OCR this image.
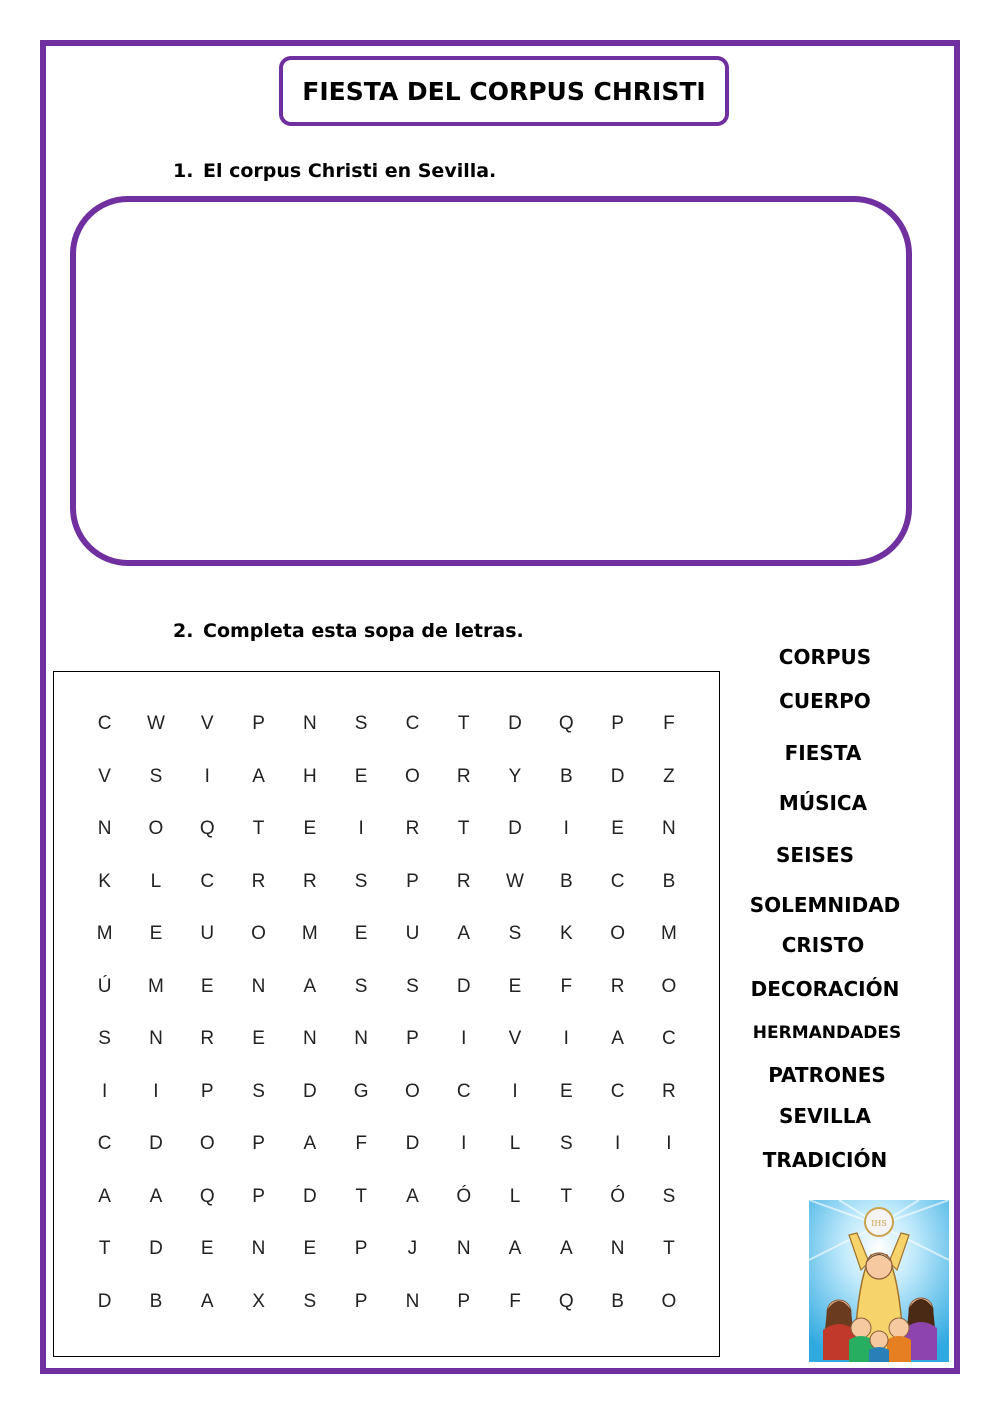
FIESTA DEL CORPUS CHRISTI
1. El corpus Christi en Sevilla.
2. Completa esta sopa de letras.
C	W	V	P	N	S	C	T	D	Q	P	F
V	S	I	A	H	E	O	R	Y	B	D	Z
N	O	Q	T	E	I	R	T	D	I	E	N
K	L	C	R	R	S	P	R	W	B	C	B
M	E	U	O	M	E	U	A	S	K	O	M
Ú	M	E	N	A	S	S	D	E	F	R	O
S	N	R	E	N	N	P	I	V	I	A	C
I	I	P	S	D	G	O	C	I	E	C	R
C	D	O	P	A	F	D	I	L	S	I	I
A	A	Q	P	D	T	A	Ó	L	T	Ó	S
T	D	E	N	E	P	J	N	A	A	N	T
D	B	A	X	S	P	N	P	F	Q	B	O
CORPUS
CUERPO
FIESTA
MÚSICA
SEISES
SOLEMNIDAD
CRISTO
DECORACIÓN
HERMANDADES
PATRONES
SEVILLA
TRADICIÓN
IHS
